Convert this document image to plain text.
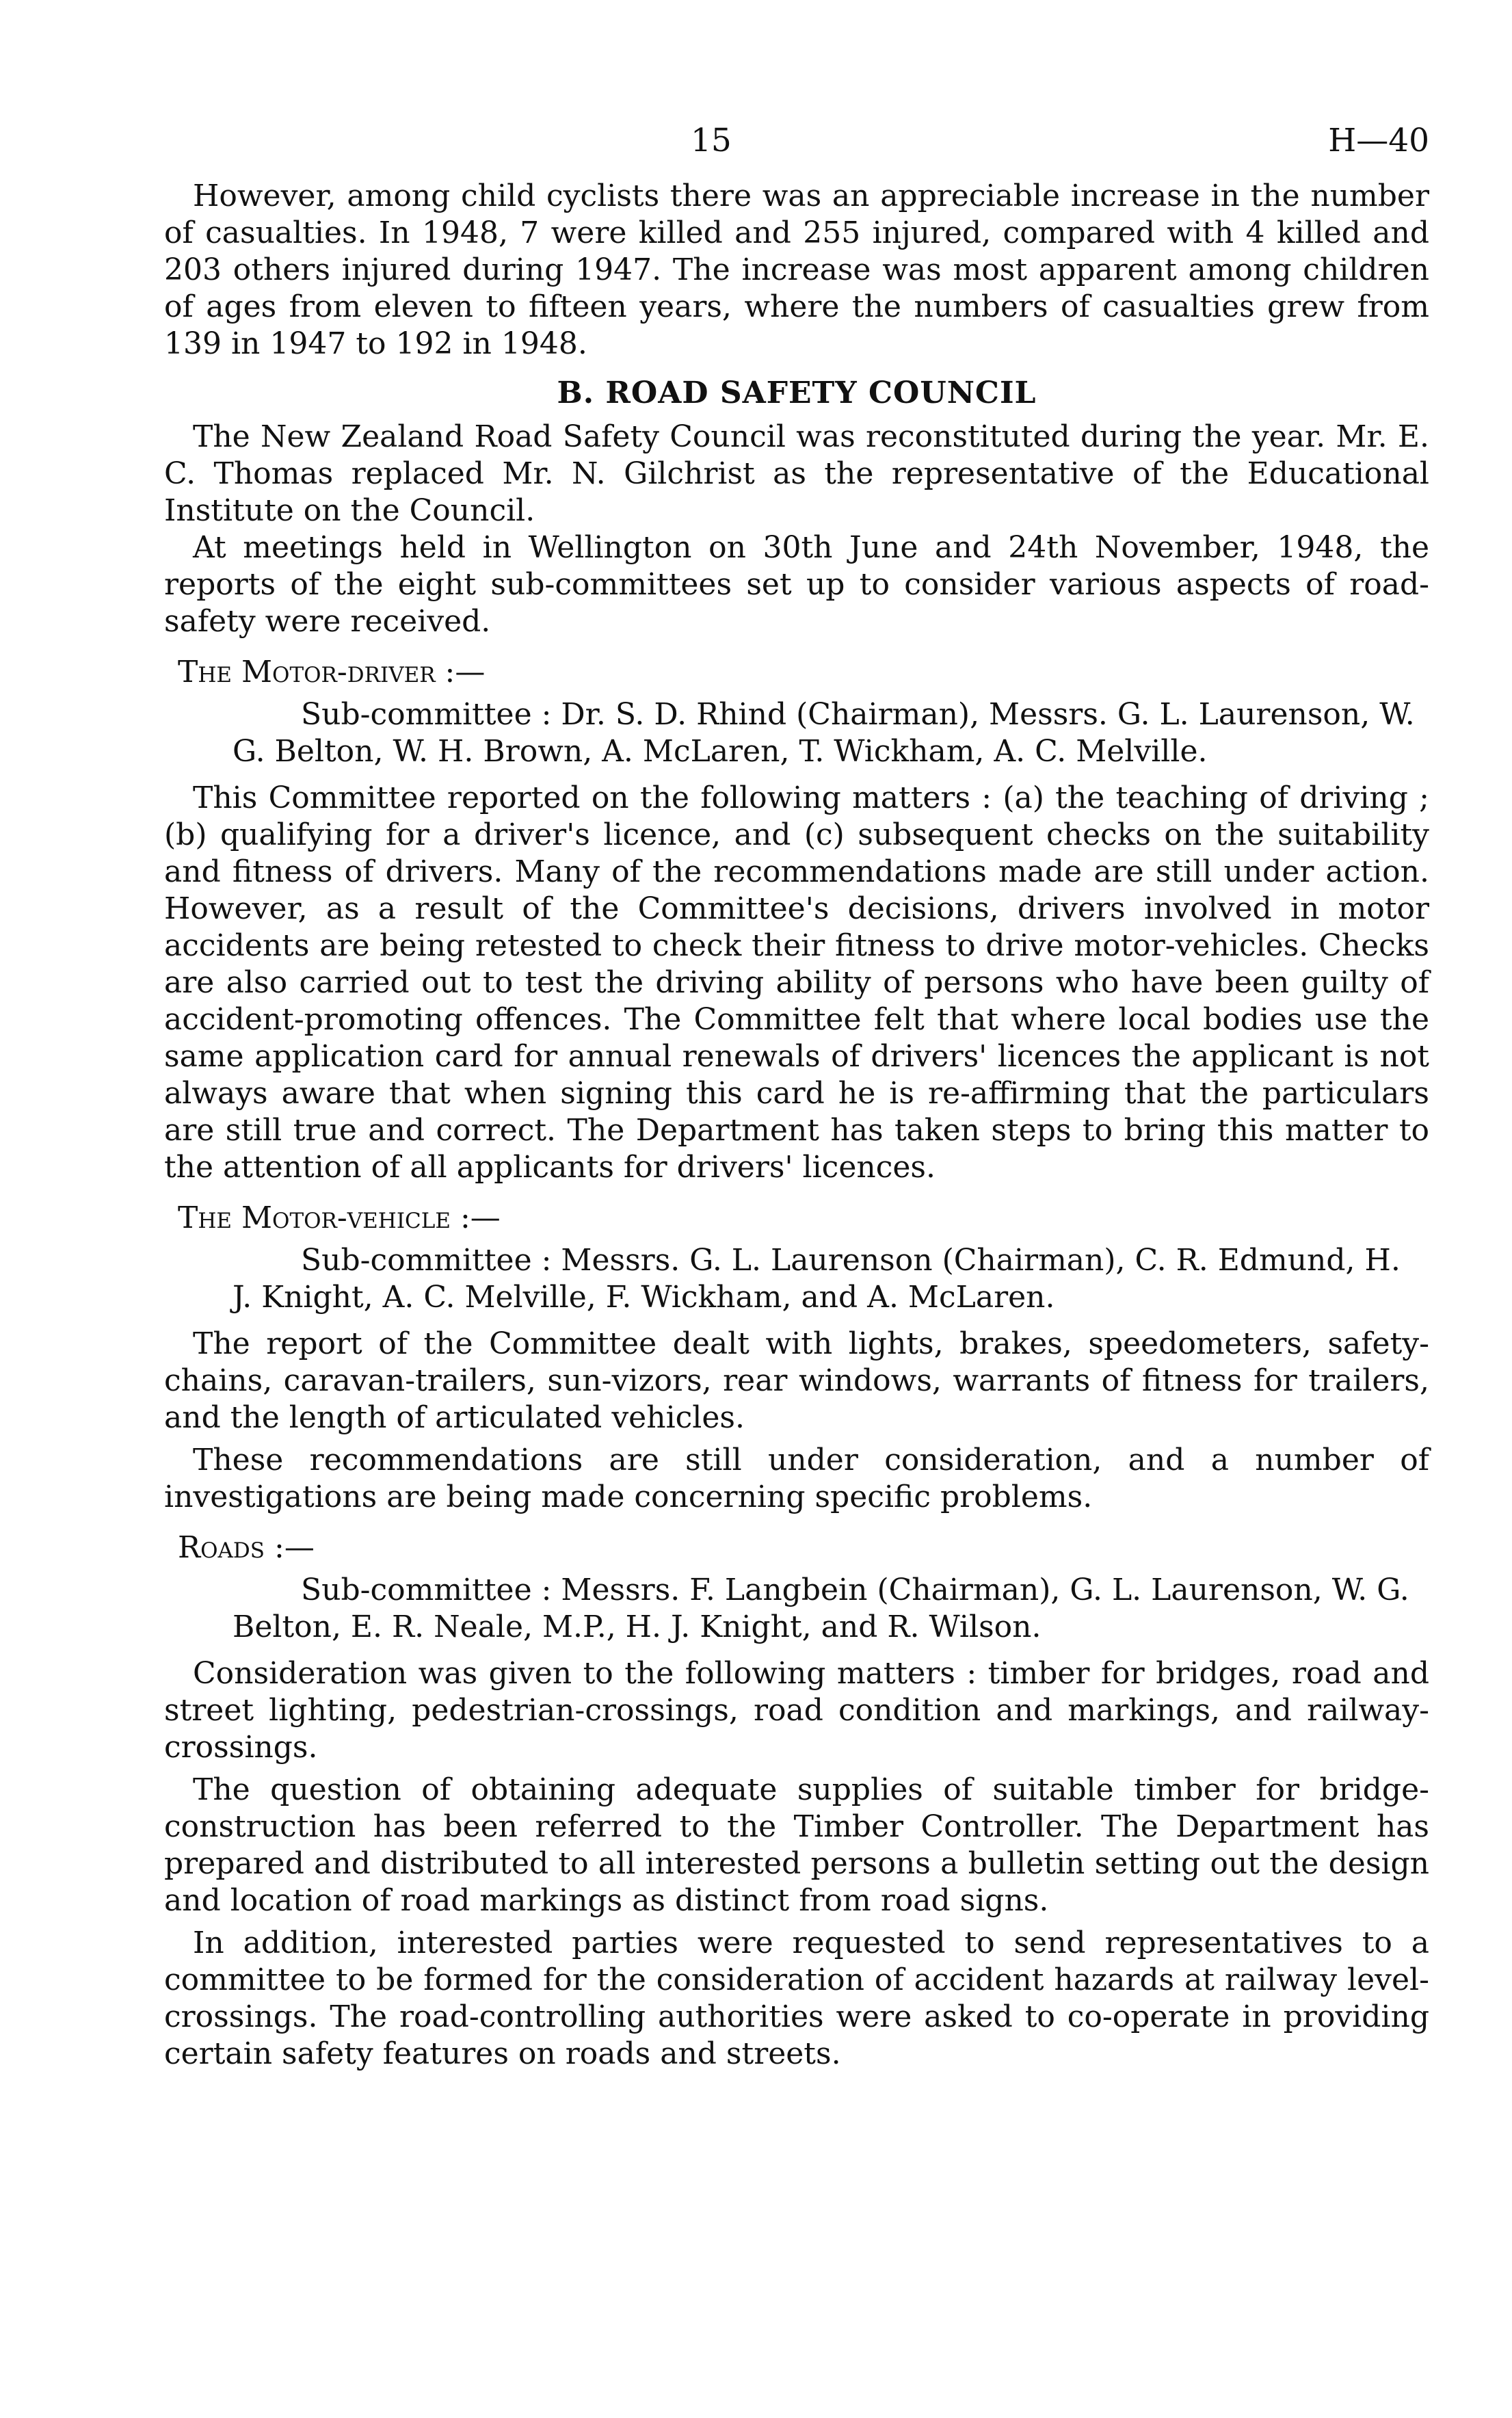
15	H—40

However, among child cyclists there was an appreciable increase in the number of casualties. In 1948, 7 were killed and 255 injured, compared with 4 killed and 203 others injured during 1947. The increase was most apparent among children of ages from eleven to fifteen years, where the numbers of casualties grew from 139 in 1947 to 192 in 1948.

B. ROAD SAFETY COUNCIL

The New Zealand Road Safety Council was reconstituted during the year. Mr. E. C. Thomas replaced Mr. N. Gilchrist as the representative of the Educational Institute on the Council.

At meetings held in Wellington on 30th June and 24th November, 1948, the reports of the eight sub-committees set up to consider various aspects of road-safety were received.

The Motor-driver :—
Sub-committee : Dr. S. D. Rhind (Chairman), Messrs. G. L. Laurenson, W. G. Belton, W. H. Brown, A. McLaren, T. Wickham, A. C. Melville.

This Committee reported on the following matters : (a) the teaching of driving ; (b) qualifying for a driver's licence, and (c) subsequent checks on the suitability and fitness of drivers. Many of the recommendations made are still under action. However, as a result of the Committee's decisions, drivers involved in motor accidents are being retested to check their fitness to drive motor-vehicles. Checks are also carried out to test the driving ability of persons who have been guilty of accident-promoting offences. The Committee felt that where local bodies use the same application card for annual renewals of drivers' licences the applicant is not always aware that when signing this card he is re-affirming that the particulars are still true and correct. The Department has taken steps to bring this matter to the attention of all applicants for drivers' licences.

The Motor-vehicle :—
Sub-committee : Messrs. G. L. Laurenson (Chairman), C. R. Edmund, H. J. Knight, A. C. Melville, F. Wickham, and A. McLaren.

The report of the Committee dealt with lights, brakes, speedometers, safety-chains, caravan-trailers, sun-vizors, rear windows, warrants of fitness for trailers, and the length of articulated vehicles.

These recommendations are still under consideration, and a number of investigations are being made concerning specific problems.

Roads :—
Sub-committee : Messrs. F. Langbein (Chairman), G. L. Laurenson, W. G. Belton, E. R. Neale, M.P., H. J. Knight, and R. Wilson.

Consideration was given to the following matters : timber for bridges, road and street lighting, pedestrian-crossings, road condition and markings, and railway-crossings.

The question of obtaining adequate supplies of suitable timber for bridge-construction has been referred to the Timber Controller. The Department has prepared and distributed to all interested persons a bulletin setting out the design and location of road markings as distinct from road signs.

In addition, interested parties were requested to send representatives to a committee to be formed for the consideration of accident hazards at railway level-crossings. The road-controlling authorities were asked to co-operate in providing certain safety features on roads and streets.
